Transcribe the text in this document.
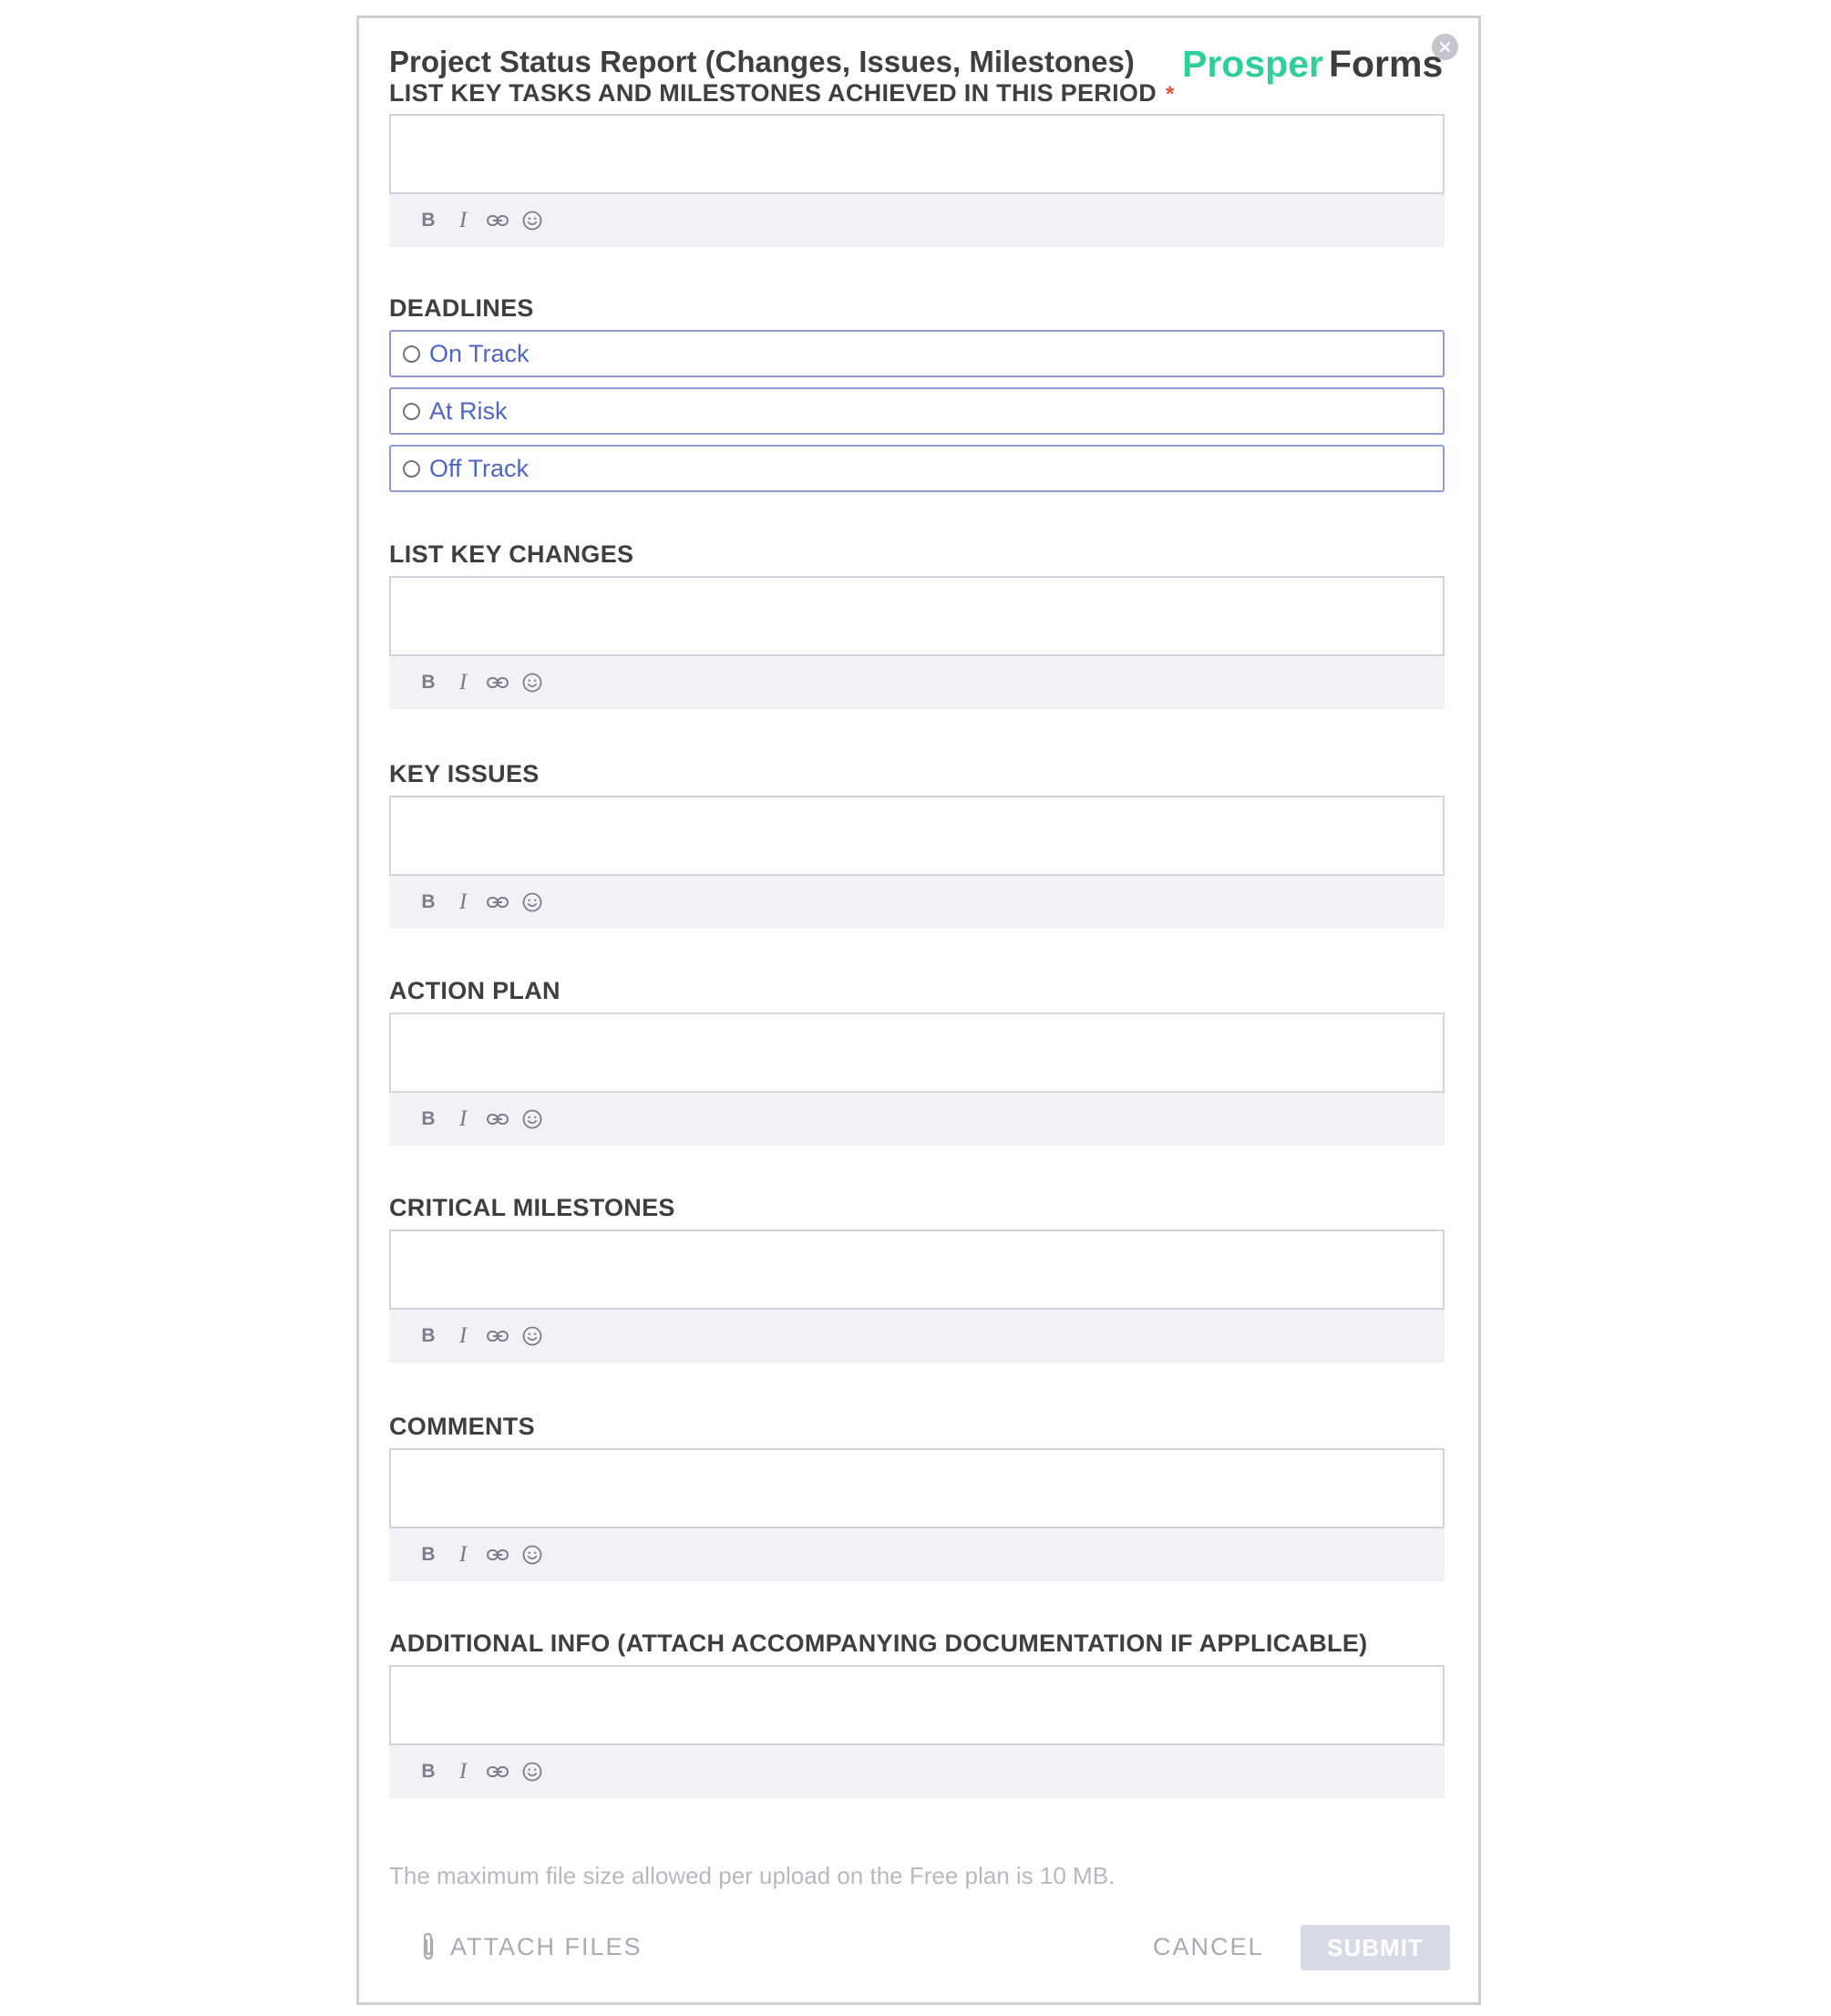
Prosper Forms
Project Status Report (Changes, Issues, Milestones)
LIST KEY TASKS AND MILESTONES ACHIEVED IN THIS PERIOD *
B	I
DEADLINES
On Track
At Risk
Off Track
LIST KEY CHANGES
B	I
KEY ISSUES
B	I
ACTION PLAN
B	I
CRITICAL MILESTONES
B	I
COMMENTS
B	I
ADDITIONAL INFO (ATTACH ACCOMPANYING DOCUMENTATION IF APPLICABLE)
B	I
The maximum file size allowed per upload on the Free plan is 10 MB.
ATTACH FILES	CANCEL	SUBMIT
